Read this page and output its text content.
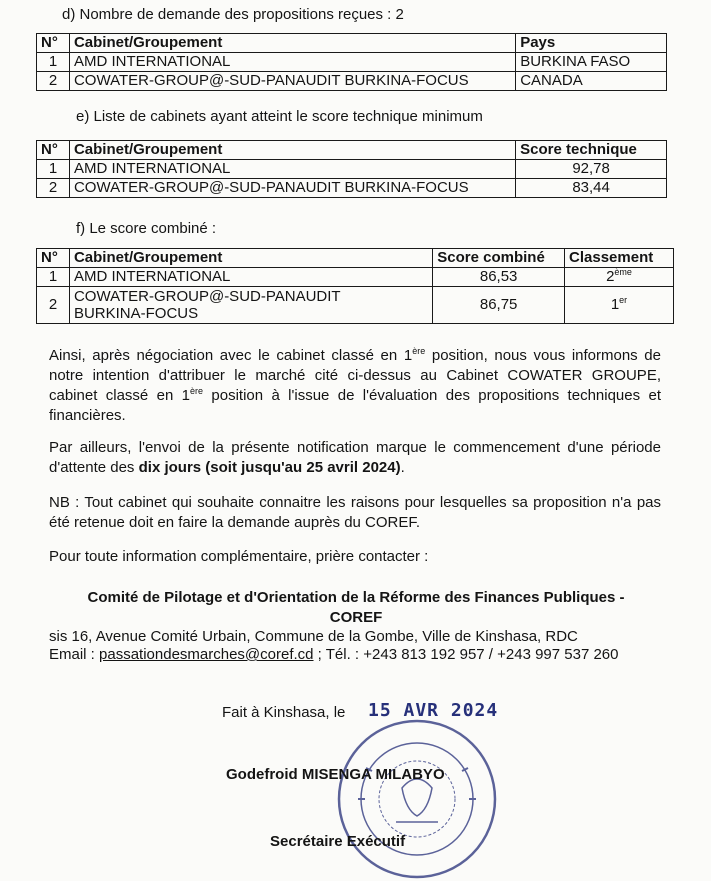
d) Nombre de demande des propositions reçues : 2
N°	Cabinet/Groupement	Pays
1	AMD INTERNATIONAL	BURKINA FASO
2	COWATER-GROUP@-SUD-PANAUDIT BURKINA-FOCUS	CANADA
e) Liste de cabinets ayant atteint le score technique minimum
N°	Cabinet/Groupement	Score technique
1	AMD INTERNATIONAL	92,78
2	COWATER-GROUP@-SUD-PANAUDIT BURKINA-FOCUS	83,44
f) Le score combiné :
N°	Cabinet/Groupement	Score combiné	Classement
1	AMD INTERNATIONAL	86,53	2ème
2	COWATER-GROUP@-SUD-PANAUDIT
BURKINA-FOCUS	86,75	1er

Ainsi, après négociation avec le cabinet classé en 1ère position, nous vous informons de notre intention d'attribuer le marché cité ci-dessus au Cabinet COWATER GROUPE, cabinet classé en 1ère position à l'issue de l'évaluation des propositions techniques et financières.

Par ailleurs, l'envoi de la présente notification marque le commencement d'une période d'attente des dix jours (soit jusqu'au 25 avril 2024).

NB : Tout cabinet qui souhaite connaitre les raisons pour lesquelles sa proposition n'a pas été retenue doit en faire la demande auprès du COREF.

Pour toute information complémentaire, prière contacter :

Comité de Pilotage et d'Orientation de la Réforme des Finances Publiques -

COREF

sis 16, Avenue Comité Urbain, Commune de la Gombe, Ville de Kinshasa, RDC
Email : passationdesmarches@coref.cd ; Tél. : +243 813 192 957 / +243 997 537 260
Fait à Kinshasa, le 15 AVR 2024
Godefroid MISENGA MILABYO
Secrétaire Exécutif
